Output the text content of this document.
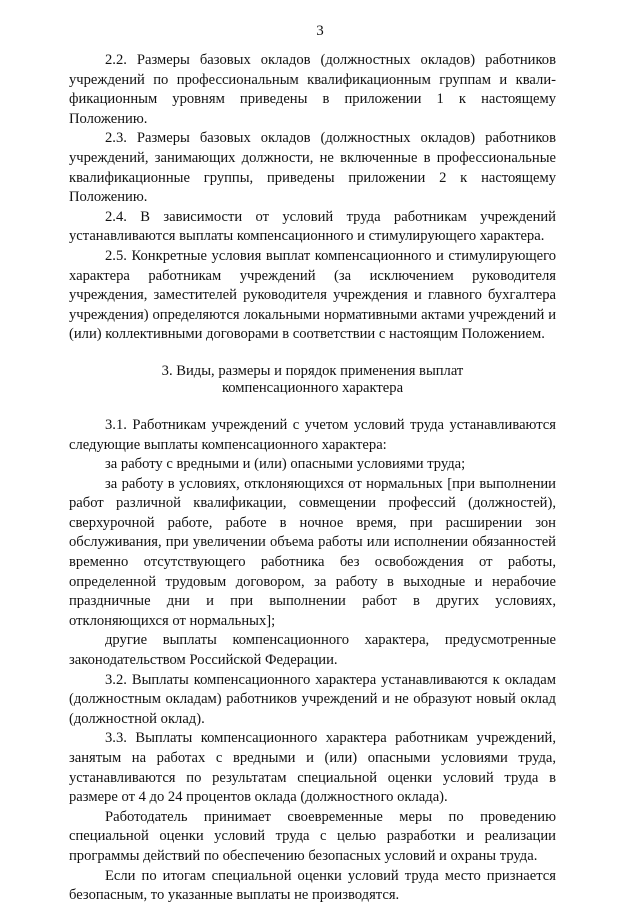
3

2.2. Размеры базовых окладов (должностных окладов) работников учреждений по профессиональным квалификационным группам и квалификационным уровням приведены в приложении 1 к настоящему Положению.

2.3. Размеры базовых окладов (должностных окладов) работников учреждений, занимающих должности, не включенные в профессиональные квалификационные группы, приведены приложении 2 к настоящему Положению.

2.4. В зависимости от условий труда работникам учреждений устанавливаются выплаты компенсационного и стимулирующего характера.

2.5. Конкретные условия выплат компенсационного и стимулирующего характера работникам учреждений (за исключением руководителя учреждения, заместителей руководителя учреждения и главного бухгалтера учреждения) определяются локальными нормативными актами учреждений и (или) коллективными договорами в соответствии с настоящим Положением.

3. Виды, размеры и порядок применения выплат
компенсационного характера

3.1. Работникам учреждений с учетом условий труда устанавливаются следующие выплаты компенсационного характера:

за работу с вредными и (или) опасными условиями труда;

за работу в условиях, отклоняющихся от нормальных [при выполнении работ различной квалификации, совмещении профессий (должностей), сверхурочной работе, работе в ночное время, при расширении зон обслуживания, при увеличении объема работы или исполнении обязанностей временно отсутствующего работника без освобождения от работы, определенной трудовым договором, за работу в выходные и нерабочие праздничные дни и при выполнении работ в других условиях, отклоняющихся от нормальных];

другие выплаты компенсационного характера, предусмотренные законодательством Российской Федерации.

3.2. Выплаты компенсационного характера устанавливаются к окладам (должностным окладам) работников учреждений и не образуют новый оклад (должностной оклад).

3.3. Выплаты компенсационного характера работникам учреждений, занятым на работах с вредными и (или) опасными условиями труда, устанавливаются по результатам специальной оценки условий труда в размере от 4 до 24 процентов оклада (должностного оклада).

Работодатель принимает своевременные меры по проведению специальной оценки условий труда с целью разработки и реализации программы действий по обеспечению безопасных условий и охраны труда.

Если по итогам специальной оценки условий труда место признается безопасным, то указанные выплаты не производятся.
